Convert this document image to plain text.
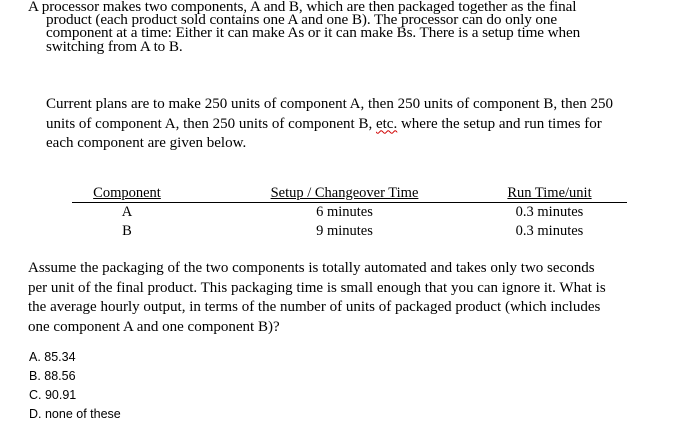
A processor makes two components, A and B, which are then packaged together as the final
product (each product sold contains one A and one B). The processor can do only one
component at a time: Either it can make As or it can make Bs. There is a setup time when
switching from A to B.
Current plans are to make 250 units of component A, then 250 units of component B, then 250
units of component A, then 250 units of component B, etc. where the setup and run times for
each component are given below.
Component	Setup / Changeover Time	Run Time/unit
A	6 minutes	0.3 minutes
B	9 minutes	0.3 minutes
Assume the packaging of the two components is totally automated and takes only two seconds
per unit of the final product. This packaging time is small enough that you can ignore it. What is
the average hourly output, in terms of the number of units of packaged product (which includes
one component A and one component B)?
A. 85.34
B. 88.56
C. 90.91
D. none of these
